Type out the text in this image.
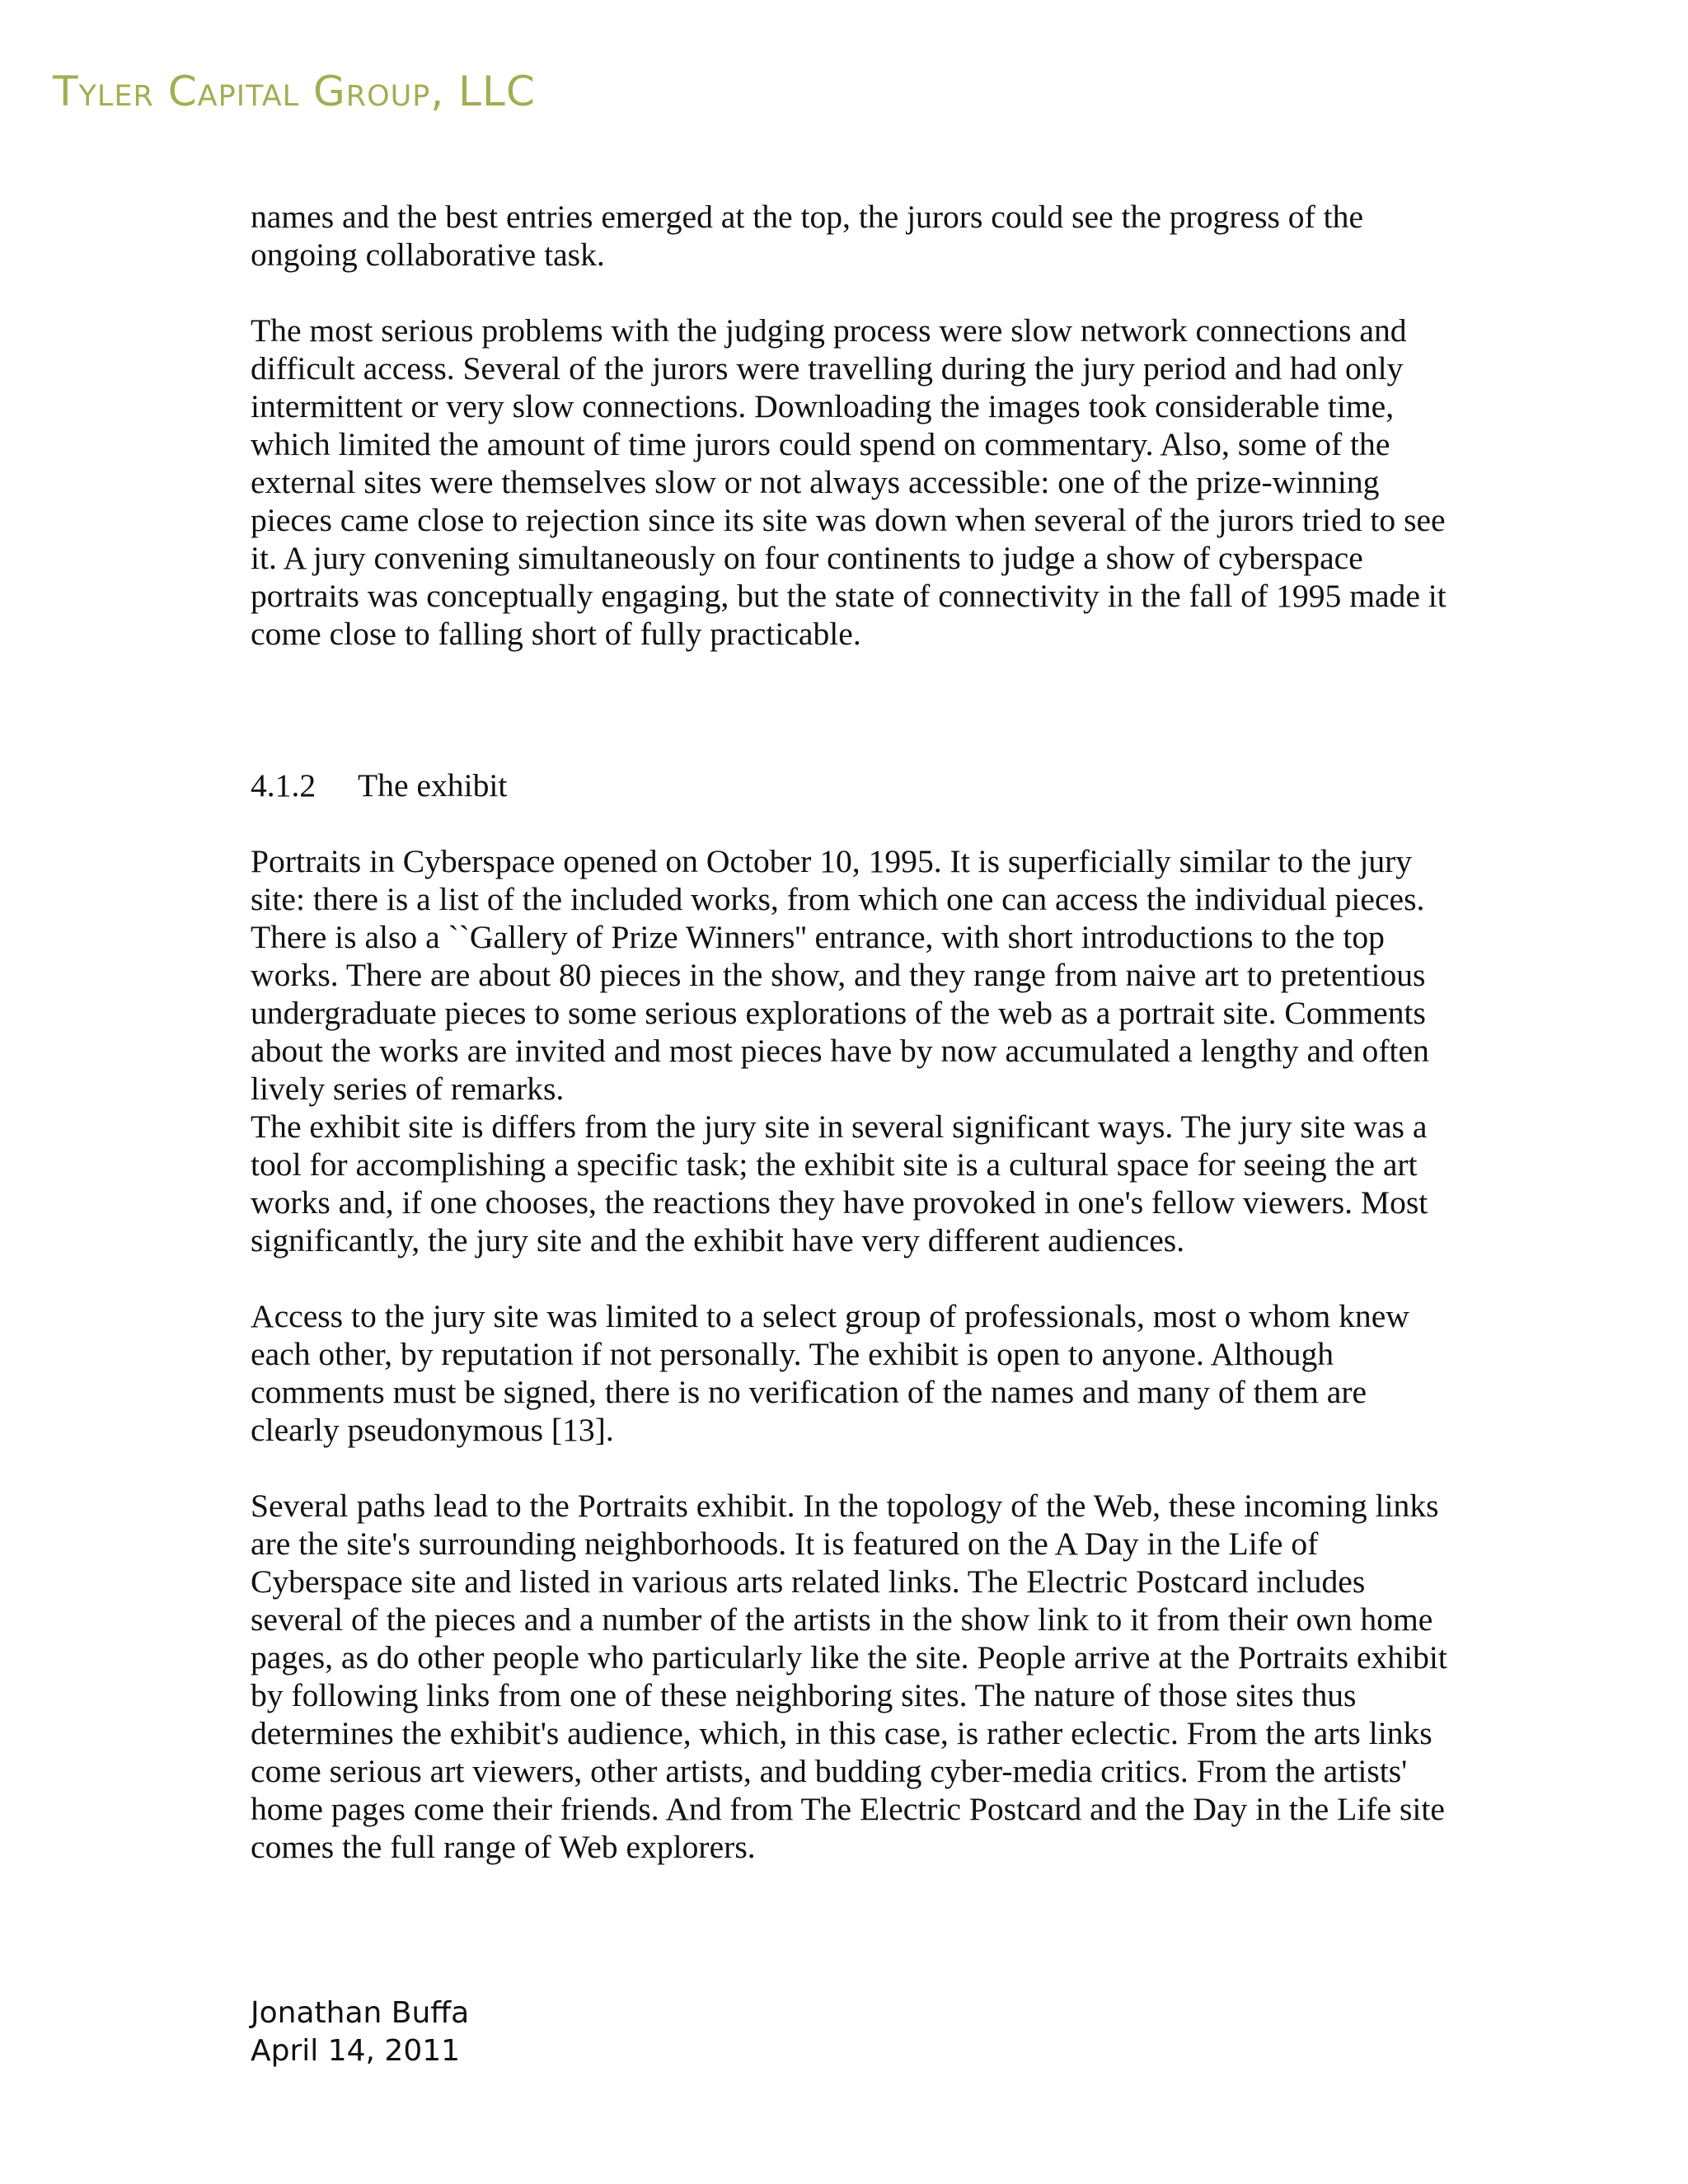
Tyler Capital Group, LLC

names and the best entries emerged at the top, the jurors could see the progress of the ongoing collaborative task.

The most serious problems with the judging process were slow network connections and difficult access. Several of the jurors were travelling during the jury period and had only intermittent or very slow connections. Downloading the images took considerable time, which limited the amount of time jurors could spend on commentary. Also, some of the external sites were themselves slow or not always accessible: one of the prize-winning pieces came close to rejection since its site was down when several of the jurors tried to see it. A jury convening simultaneously on four continents to judge a show of cyberspace portraits was conceptually engaging, but the state of connectivity in the fall of 1995 made it come close to falling short of fully practicable.

4.1.2 The exhibit

Portraits in Cyberspace opened on October 10, 1995. It is superficially similar to the jury site: there is a list of the included works, from which one can access the individual pieces. There is also a ``Gallery of Prize Winners'' entrance, with short introductions to the top works. There are about 80 pieces in the show, and they range from naive art to pretentious undergraduate pieces to some serious explorations of the web as a portrait site. Comments about the works are invited and most pieces have by now accumulated a lengthy and often lively series of remarks.

The exhibit site is differs from the jury site in several significant ways. The jury site was a tool for accomplishing a specific task; the exhibit site is a cultural space for seeing the art works and, if one chooses, the reactions they have provoked in one's fellow viewers. Most significantly, the jury site and the exhibit have very different audiences.

Access to the jury site was limited to a select group of professionals, most o whom knew each other, by reputation if not personally. The exhibit is open to anyone. Although comments must be signed, there is no verification of the names and many of them are clearly pseudonymous [13].

Several paths lead to the Portraits exhibit. In the topology of the Web, these incoming links are the site's surrounding neighborhoods. It is featured on the A Day in the Life of Cyberspace site and listed in various arts related links. The Electric Postcard includes several of the pieces and a number of the artists in the show link to it from their own home pages, as do other people who particularly like the site. People arrive at the Portraits exhibit by following links from one of these neighboring sites. The nature of those sites thus determines the exhibit's audience, which, in this case, is rather eclectic. From the arts links come serious art viewers, other artists, and budding cyber-media critics. From the artists' home pages come their friends. And from The Electric Postcard and the Day in the Life site comes the full range of Web explorers.

Jonathan Buffa
April 14, 2011
